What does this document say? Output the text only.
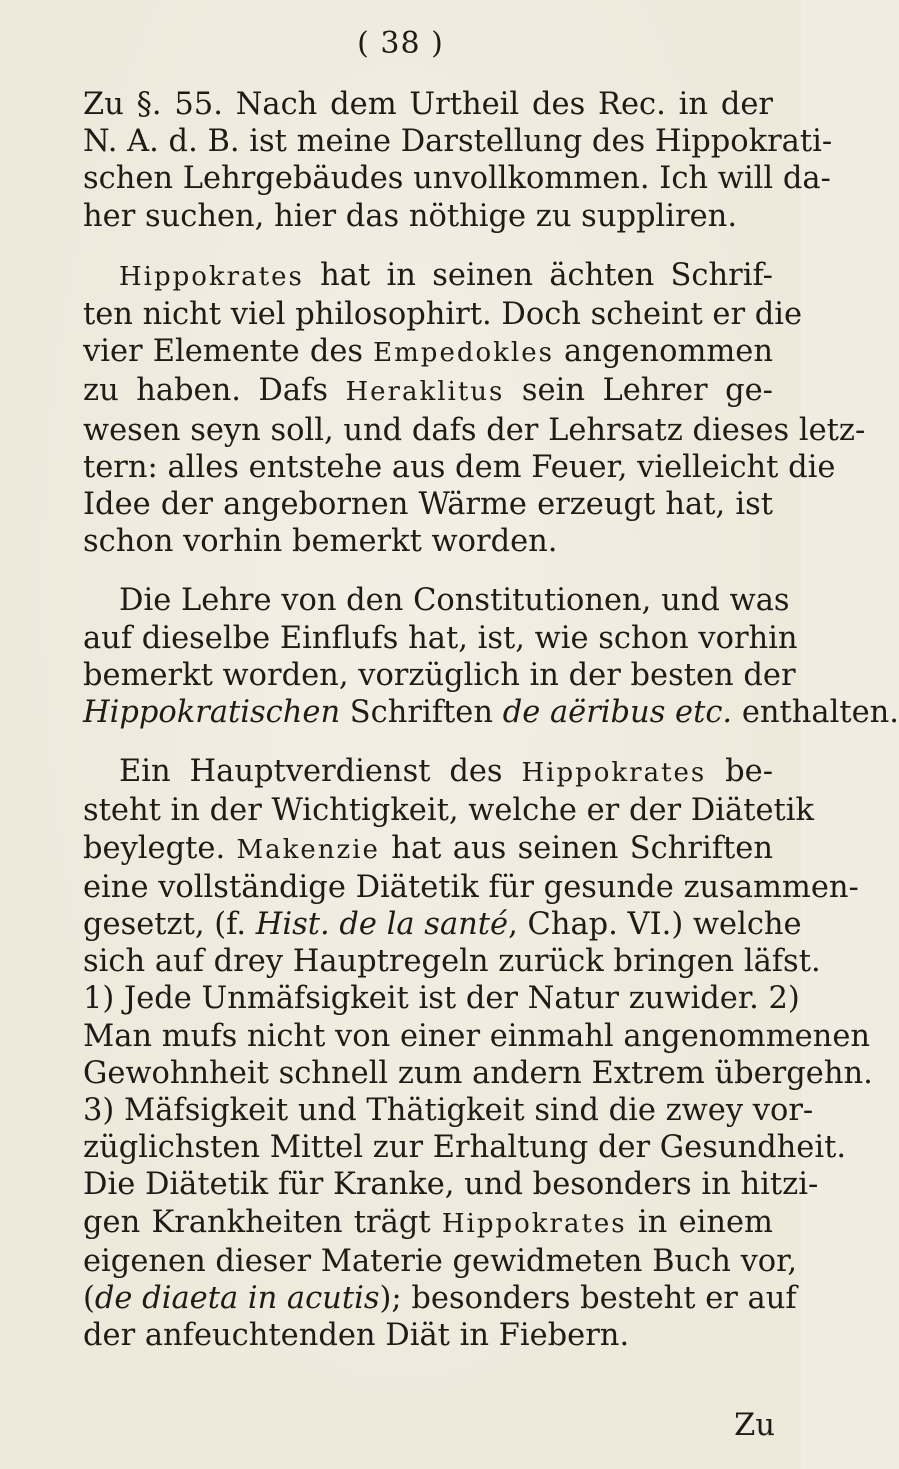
( 38 )
Zu §. 55. Nach dem Urtheil des Rec. in der
N. A. d. B. ist meine Darstellung des Hippokrati-
schen Lehrgebäudes unvollkommen. Ich will da-
her suchen, hier das nöthige zu suppliren.
Hippokrates hat in seinen ächten Schrif-
ten nicht viel philosophirt. Doch scheint er die
vier Elemente des Empedokles angenommen
zu haben. Dafs Heraklitus sein Lehrer ge-
wesen seyn soll, und dafs der Lehrsatz dieses letz-
tern: alles entstehe aus dem Feuer, vielleicht die
Idee der angebornen Wärme erzeugt hat, ist
schon vorhin bemerkt worden.
Die Lehre von den Constitutionen, und was
auf dieselbe Einflufs hat, ist, wie schon vorhin
bemerkt worden, vorzüglich in der besten der
Hippokratischen Schriften de aëribus etc. enthalten.
Ein Hauptverdienst des Hippokrates be-
steht in der Wichtigkeit, welche er der Diätetik
beylegte. Makenzie hat aus seinen Schriften
eine vollständige Diätetik für gesunde zusammen-
gesetzt, (f. Hist. de la santé, Chap. VI.) welche
sich auf drey Hauptregeln zurück bringen läfst.
1) Jede Unmäfsigkeit ist der Natur zuwider. 2)
Man mufs nicht von einer einmahl angenommenen
Gewohnheit schnell zum andern Extrem übergehn.
3) Mäfsigkeit und Thätigkeit sind die zwey vor-
züglichsten Mittel zur Erhaltung der Gesundheit.
Die Diätetik für Kranke, und besonders in hitzi-
gen Krankheiten trägt Hippokrates in einem
eigenen dieser Materie gewidmeten Buch vor,
(de diaeta in acutis); besonders besteht er auf
der anfeuchtenden Diät in Fiebern.
Zu
